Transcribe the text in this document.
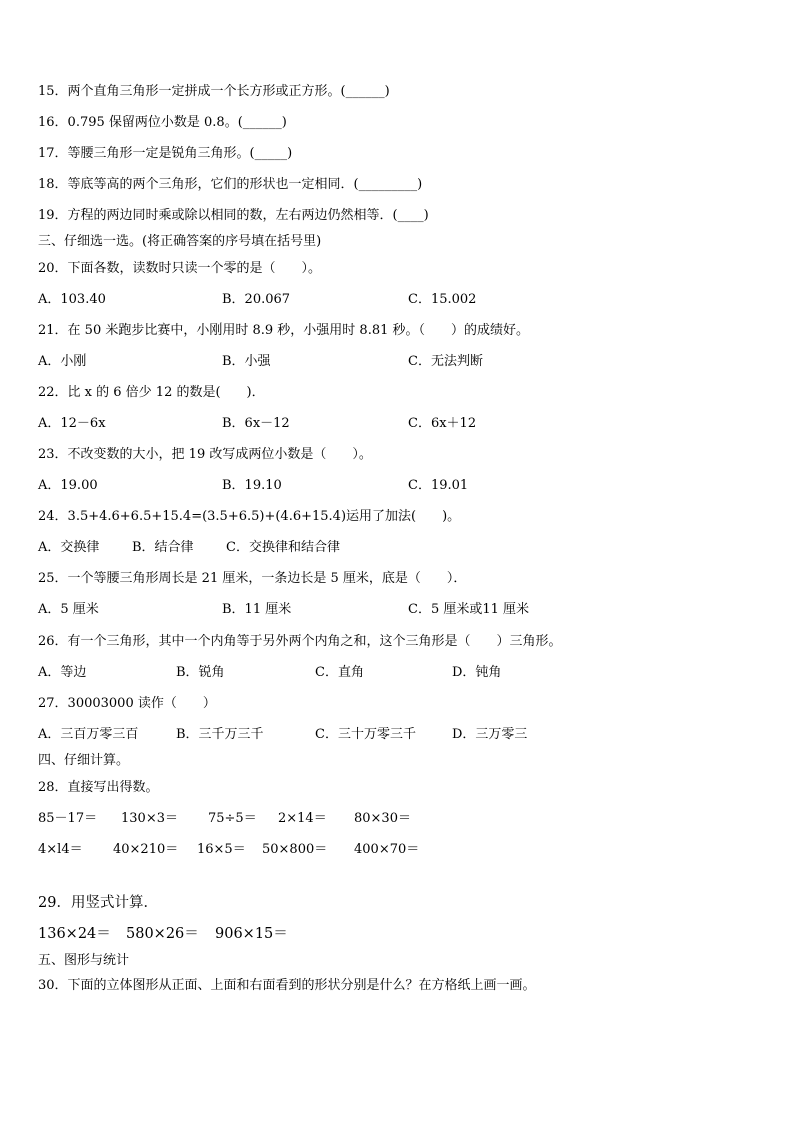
15．两个直角三角形一定拼成一个长方形或正方形。(______)
16．0.795 保留两位小数是 0.8。(______)
17．等腰三角形一定是锐角三角形。(_____)
18．等底等高的两个三角形，它们的形状也一定相同．(_________)
19．方程的两边同时乘或除以相同的数，左右两边仍然相等．(____)
三、仔细选一选。(将正确答案的序号填在括号里)
20．下面各数，读数时只读一个零的是（　　）。
A．103.40	B．20.067	C．15.002
21．在 50 米跑步比赛中，小刚用时 8.9 秒，小强用时 8.81 秒。（　　）的成绩好。
A．小刚	B．小强	C．无法判断
22．比 x 的 6 倍少 12 的数是(　　)．
A．12－6x	B．6x－12	C．6x＋12
23．不改变数的大小，把 19 改写成两位小数是（　　）。
A．19.00	B．19.10	C．19.01
24．3.5+4.6+6.5+15.4=(3.5+6.5)+(4.6+15.4)运用了加法(　　)。
A．交换律	B．结合律 C．交换律和结合律
25．一个等腰三角形周长是 21 厘米，一条边长是 5 厘米，底是（　　）．
A．5 厘米	B．11 厘米	C．5 厘米或11 厘米
26．有一个三角形，其中一个内角等于另外两个内角之和，这个三角形是（　　）三角形。
A．等边	B．锐角	C．直角	D．钝角
27．30003000 读作（　　）
A．三百万零三百	B．三千万三千	C．三十万零三千	D．三万零三
四、仔细计算。
28．直接写出得数。
85－17＝ 130×3＝ 75÷5＝ 2×14＝ 80×30＝
4×l4＝ 40×210＝ 16×5＝ 50×800＝ 400×70＝
29．用竖式计算．
136×24＝ 580×26＝ 906×15＝
五、图形与统计
30．下面的立体图形从正面、上面和右面看到的形状分别是什么？在方格纸上画一画。
